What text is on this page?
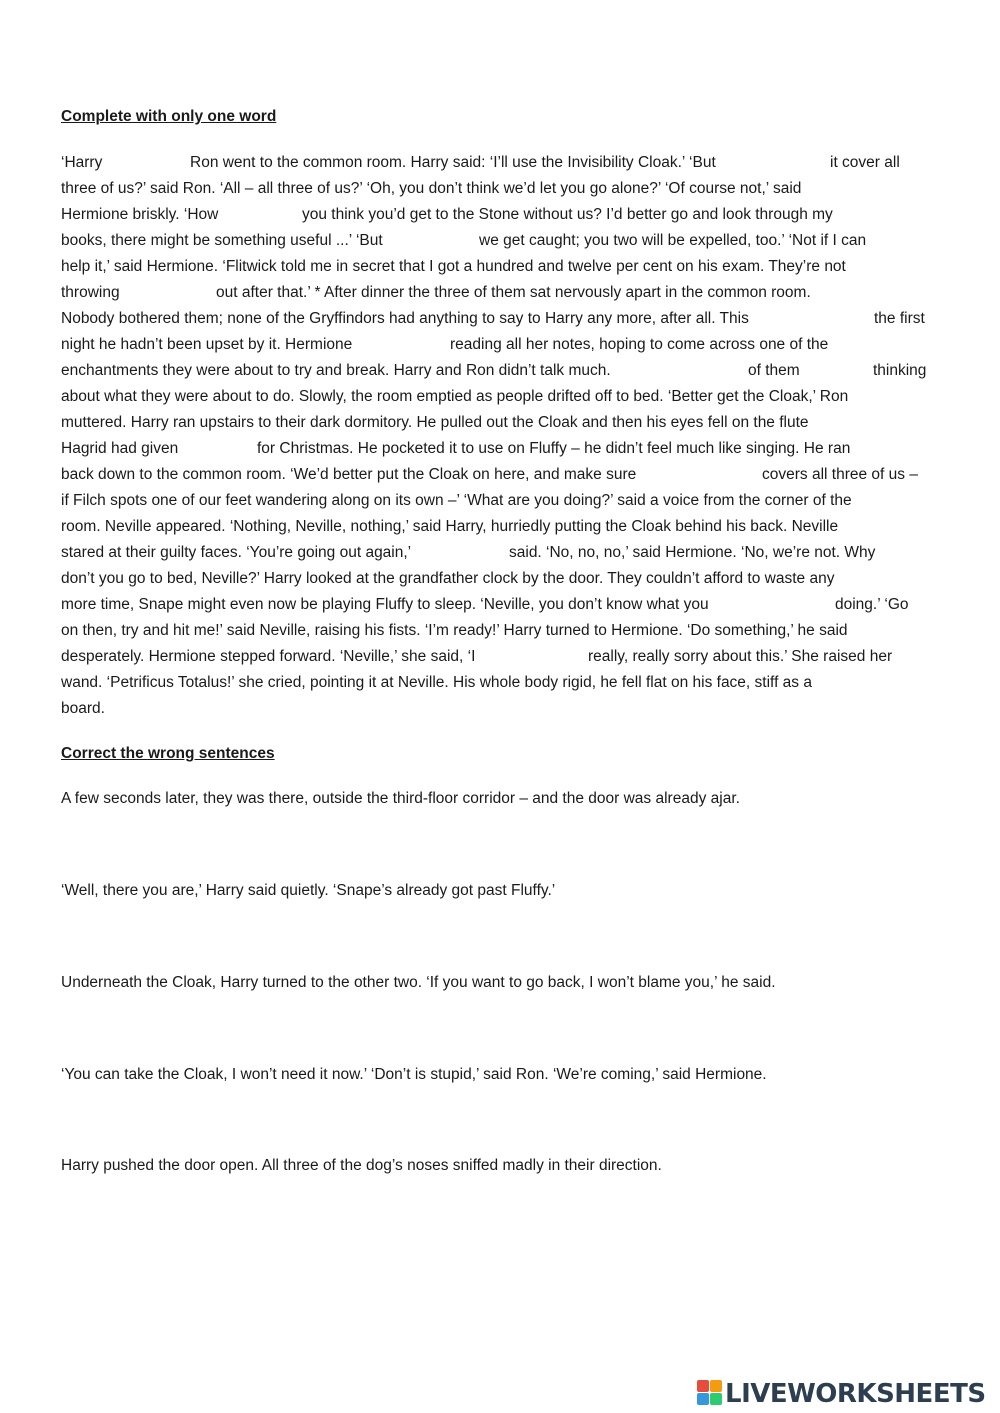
Complete with only one word
‘Harry	Ron went to the common room. Harry said: ‘I’ll use the Invisibility Cloak.’ ‘But	it cover all
three of us?’ said Ron. ‘All – all three of us?’ ‘Oh, you don’t think we’d let you go alone?’ ‘Of course not,’ said
Hermione briskly. ‘How	you think you’d get to the Stone without us? I’d better go and look through my
books, there might be something useful ...’ ‘But	we get caught; you two will be expelled, too.’ ‘Not if I can
help it,’ said Hermione. ‘Flitwick told me in secret that I got a hundred and twelve per cent on his exam. They’re not
throwing	out after that.’ * After dinner the three of them sat nervously apart in the common room.
Nobody bothered them; none of the Gryffindors had anything to say to Harry any more, after all. This	the first
night he hadn’t been upset by it. Hermione	reading all her notes, hoping to come across one of the
enchantments they were about to try and break. Harry and Ron didn’t talk much.	of them	thinking
about what they were about to do. Slowly, the room emptied as people drifted off to bed. ‘Better get the Cloak,’ Ron
muttered. Harry ran upstairs to their dark dormitory. He pulled out the Cloak and then his eyes fell on the flute
Hagrid had given	for Christmas. He pocketed it to use on Fluffy – he didn’t feel much like singing. He ran
back down to the common room. ‘We’d better put the Cloak on here, and make sure	covers all three of us –
if Filch spots one of our feet wandering along on its own –’ ‘What are you doing?’ said a voice from the corner of the
room. Neville appeared. ‘Nothing, Neville, nothing,’ said Harry, hurriedly putting the Cloak behind his back. Neville
stared at their guilty faces. ‘You’re going out again,’	said. ‘No, no, no,’ said Hermione. ‘No, we’re not. Why
don’t you go to bed, Neville?’ Harry looked at the grandfather clock by the door. They couldn’t afford to waste any
more time, Snape might even now be playing Fluffy to sleep. ‘Neville, you don’t know what you	doing.’ ‘Go
on then, try and hit me!’ said Neville, raising his fists. ‘I’m ready!’ Harry turned to Hermione. ‘Do something,’ he said
desperately. Hermione stepped forward. ‘Neville,’ she said, ‘I	really, really sorry about this.’ She raised her
wand. ‘Petrificus Totalus!’ she cried, pointing it at Neville. His whole body rigid, he fell flat on his face, stiff as a
board.
Correct the wrong sentences

A few seconds later, they was there, outside the third-floor corridor – and the door was already ajar.

‘Well, there you are,’ Harry said quietly. ‘Snape’s already got past Fluffy.’

Underneath the Cloak, Harry turned to the other two. ‘If you want to go back, I won’t blame you,’ he said.

‘You can take the Cloak, I won’t need it now.’ ‘Don’t is stupid,’ said Ron. ‘We’re coming,’ said Hermione.

Harry pushed the door open. All three of the dog’s noses sniffed madly in their direction.

LIVEWORKSHEETS
